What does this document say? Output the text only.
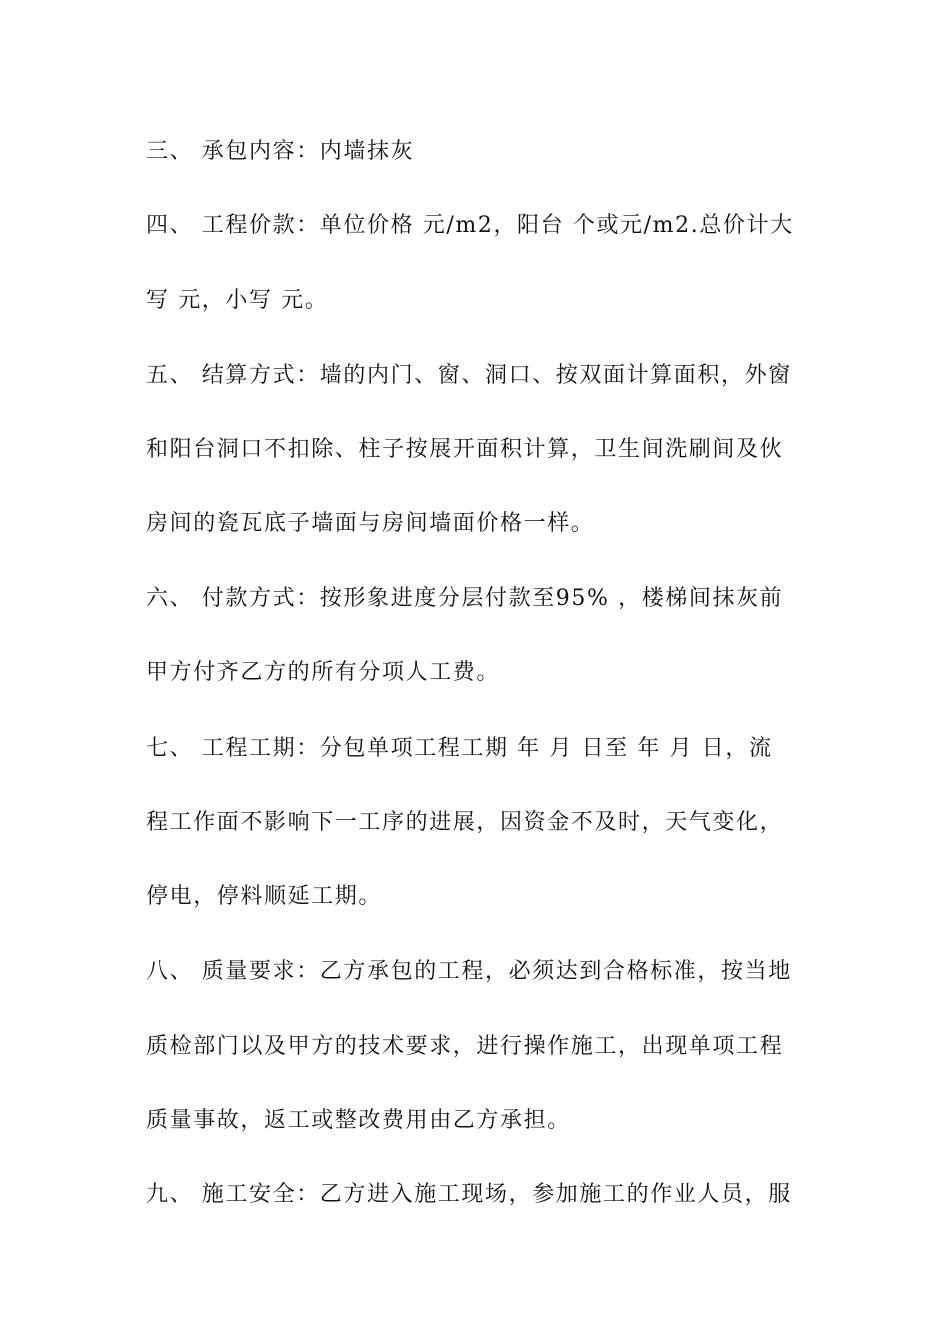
三、 承包内容：内墙抹灰
四、 工程价款：单位价格 元/m2，阳台 个或元/m2.总价计大
写 元，小写 元。
五、 结算方式：墙的内门、窗、洞口、按双面计算面积，外窗
和阳台洞口不扣除、柱子按展开面积计算，卫生间洗刷间及伙
房间的瓷瓦底子墙面与房间墙面价格一样。
六、 付款方式：按形象进度分层付款至95% ，楼梯间抹灰前
甲方付齐乙方的所有分项人工费。
七、 工程工期：分包单项工程工期 年 月 日至 年 月 日，流
程工作面不影响下一工序的进展，因资金不及时，天气变化，
停电，停料顺延工期。
八、 质量要求：乙方承包的工程，必须达到合格标准，按当地
质检部门以及甲方的技术要求，进行操作施工，出现单项工程
质量事故，返工或整改费用由乙方承担。
九、 施工安全：乙方进入施工现场，参加施工的作业人员，服
